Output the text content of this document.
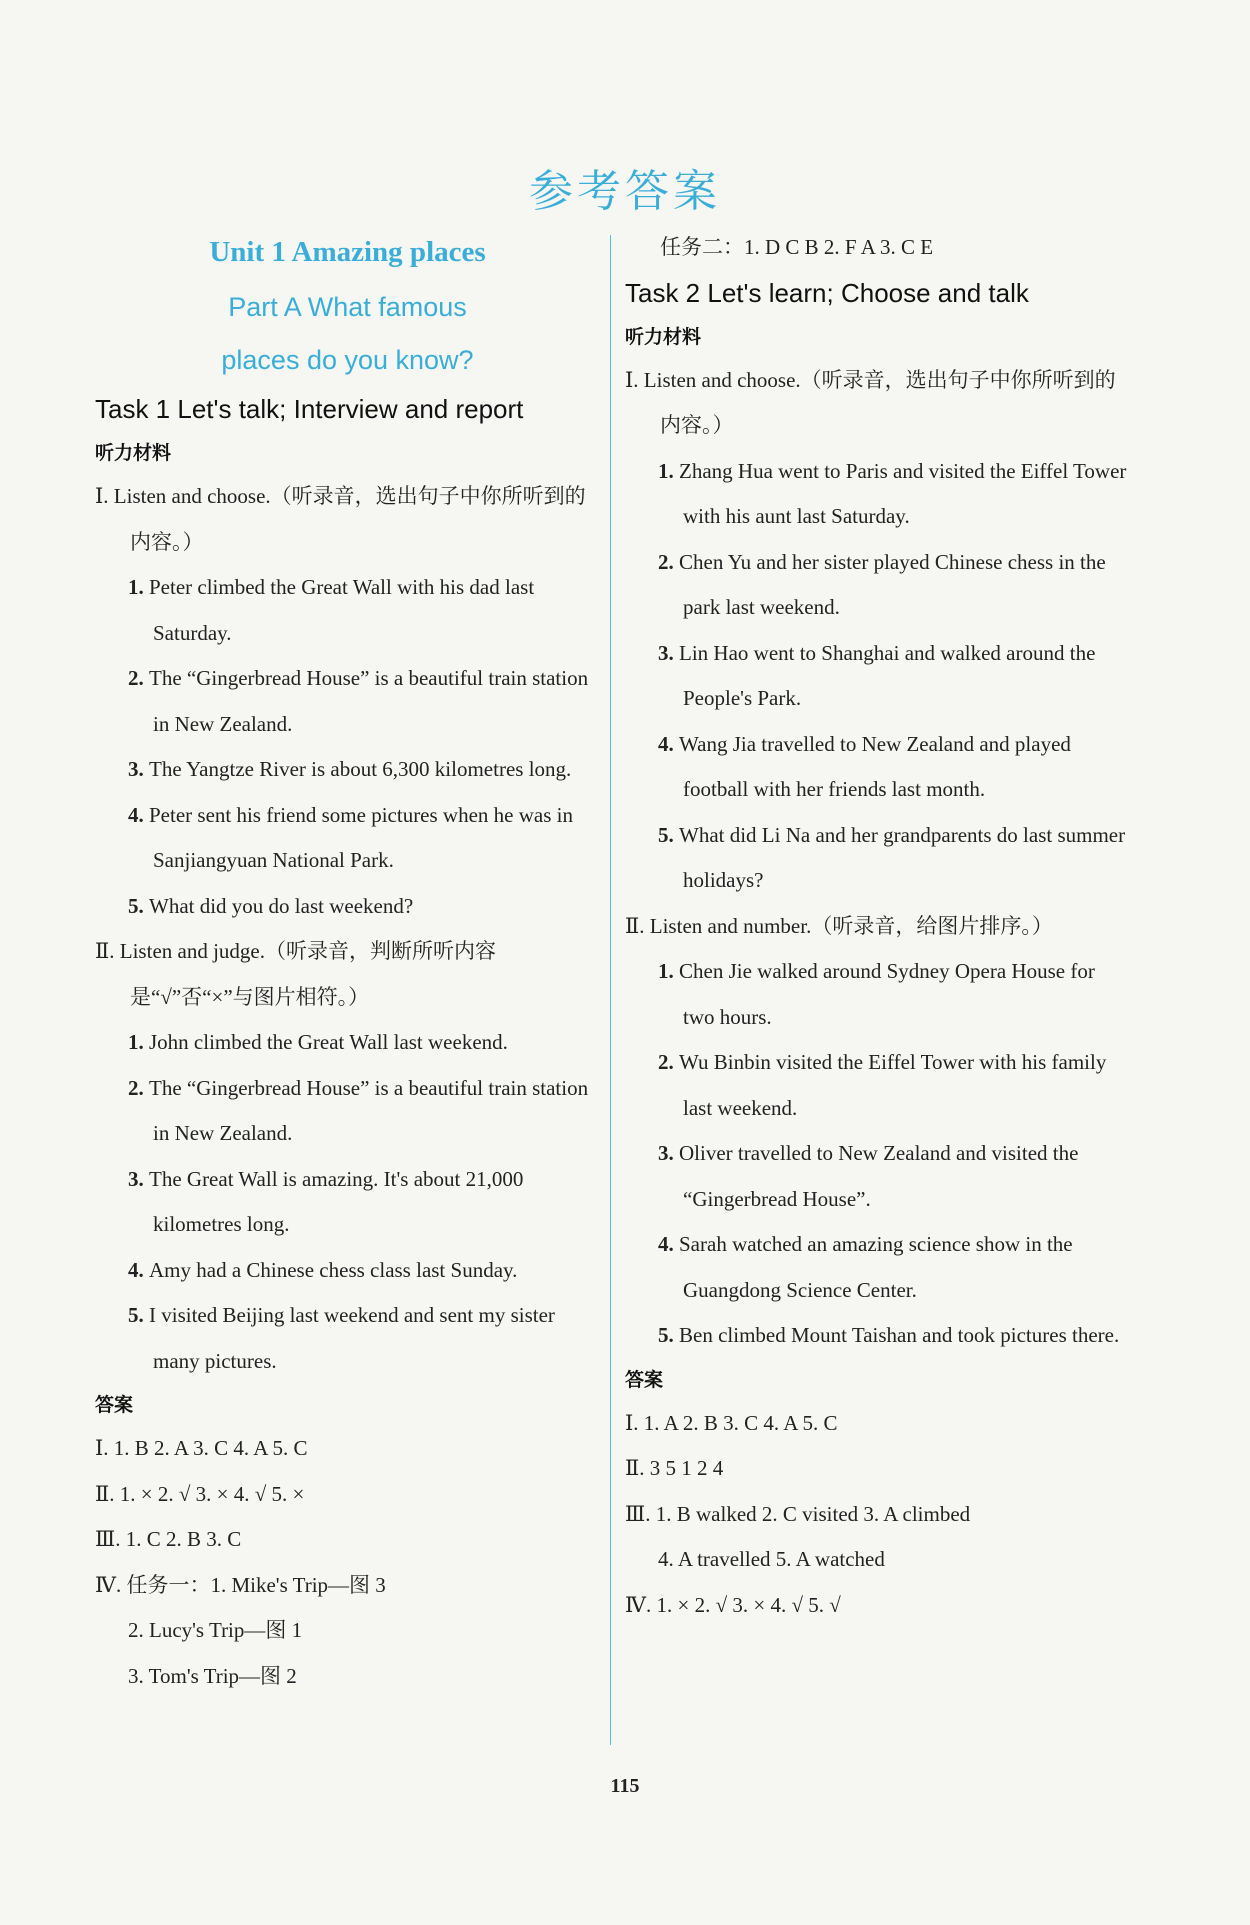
参考答案
Unit 1 Amazing places
Part A What famous
places do you know?
Task 1 Let's talk; Interview and report
听力材料
Ⅰ. Listen and choose.（听录音，选出句子中你所听到的内容。）
1. Peter climbed the Great Wall with his dad last Saturday.
2. The “Gingerbread House” is a beautiful train station in New Zealand.
3. The Yangtze River is about 6,300 kilometres long.
4. Peter sent his friend some pictures when he was in Sanjiangyuan National Park.
5. What did you do last weekend?
Ⅱ. Listen and judge.（听录音，判断所听内容是“√”否“×”与图片相符。）
1. John climbed the Great Wall last weekend.
2. The “Gingerbread House” is a beautiful train station in New Zealand.
3. The Great Wall is amazing. It's about 21,000 kilometres long.
4. Amy had a Chinese chess class last Sunday.
5. I visited Beijing last weekend and sent my sister many pictures.
答案
Ⅰ. 1. B 2. A 3. C 4. A 5. C
Ⅱ. 1. × 2. √ 3. × 4. √ 5. ×
Ⅲ. 1. C 2. B 3. C
Ⅳ. 任务一：1. Mike's Trip—图 3
2. Lucy's Trip—图 1
3. Tom's Trip—图 2
任务二：1. D C B 2. F A 3. C E
Task 2 Let's learn; Choose and talk
听力材料
Ⅰ. Listen and choose.（听录音，选出句子中你所听到的内容。）
1. Zhang Hua went to Paris and visited the Eiffel Tower with his aunt last Saturday.
2. Chen Yu and her sister played Chinese chess in the park last weekend.
3. Lin Hao went to Shanghai and walked around the People's Park.
4. Wang Jia travelled to New Zealand and played football with her friends last month.
5. What did Li Na and her grandparents do last summer holidays?
Ⅱ. Listen and number.（听录音，给图片排序。）
1. Chen Jie walked around Sydney Opera House for two hours.
2. Wu Binbin visited the Eiffel Tower with his family last weekend.
3. Oliver travelled to New Zealand and visited the “Gingerbread House”.
4. Sarah watched an amazing science show in the Guangdong Science Center.
5. Ben climbed Mount Taishan and took pictures there.
答案
Ⅰ. 1. A 2. B 3. C 4. A 5. C
Ⅱ. 3 5 1 2 4
Ⅲ. 1. B walked 2. C visited 3. A climbed
4. A travelled 5. A watched
Ⅳ. 1. × 2. √ 3. × 4. √ 5. √
115
